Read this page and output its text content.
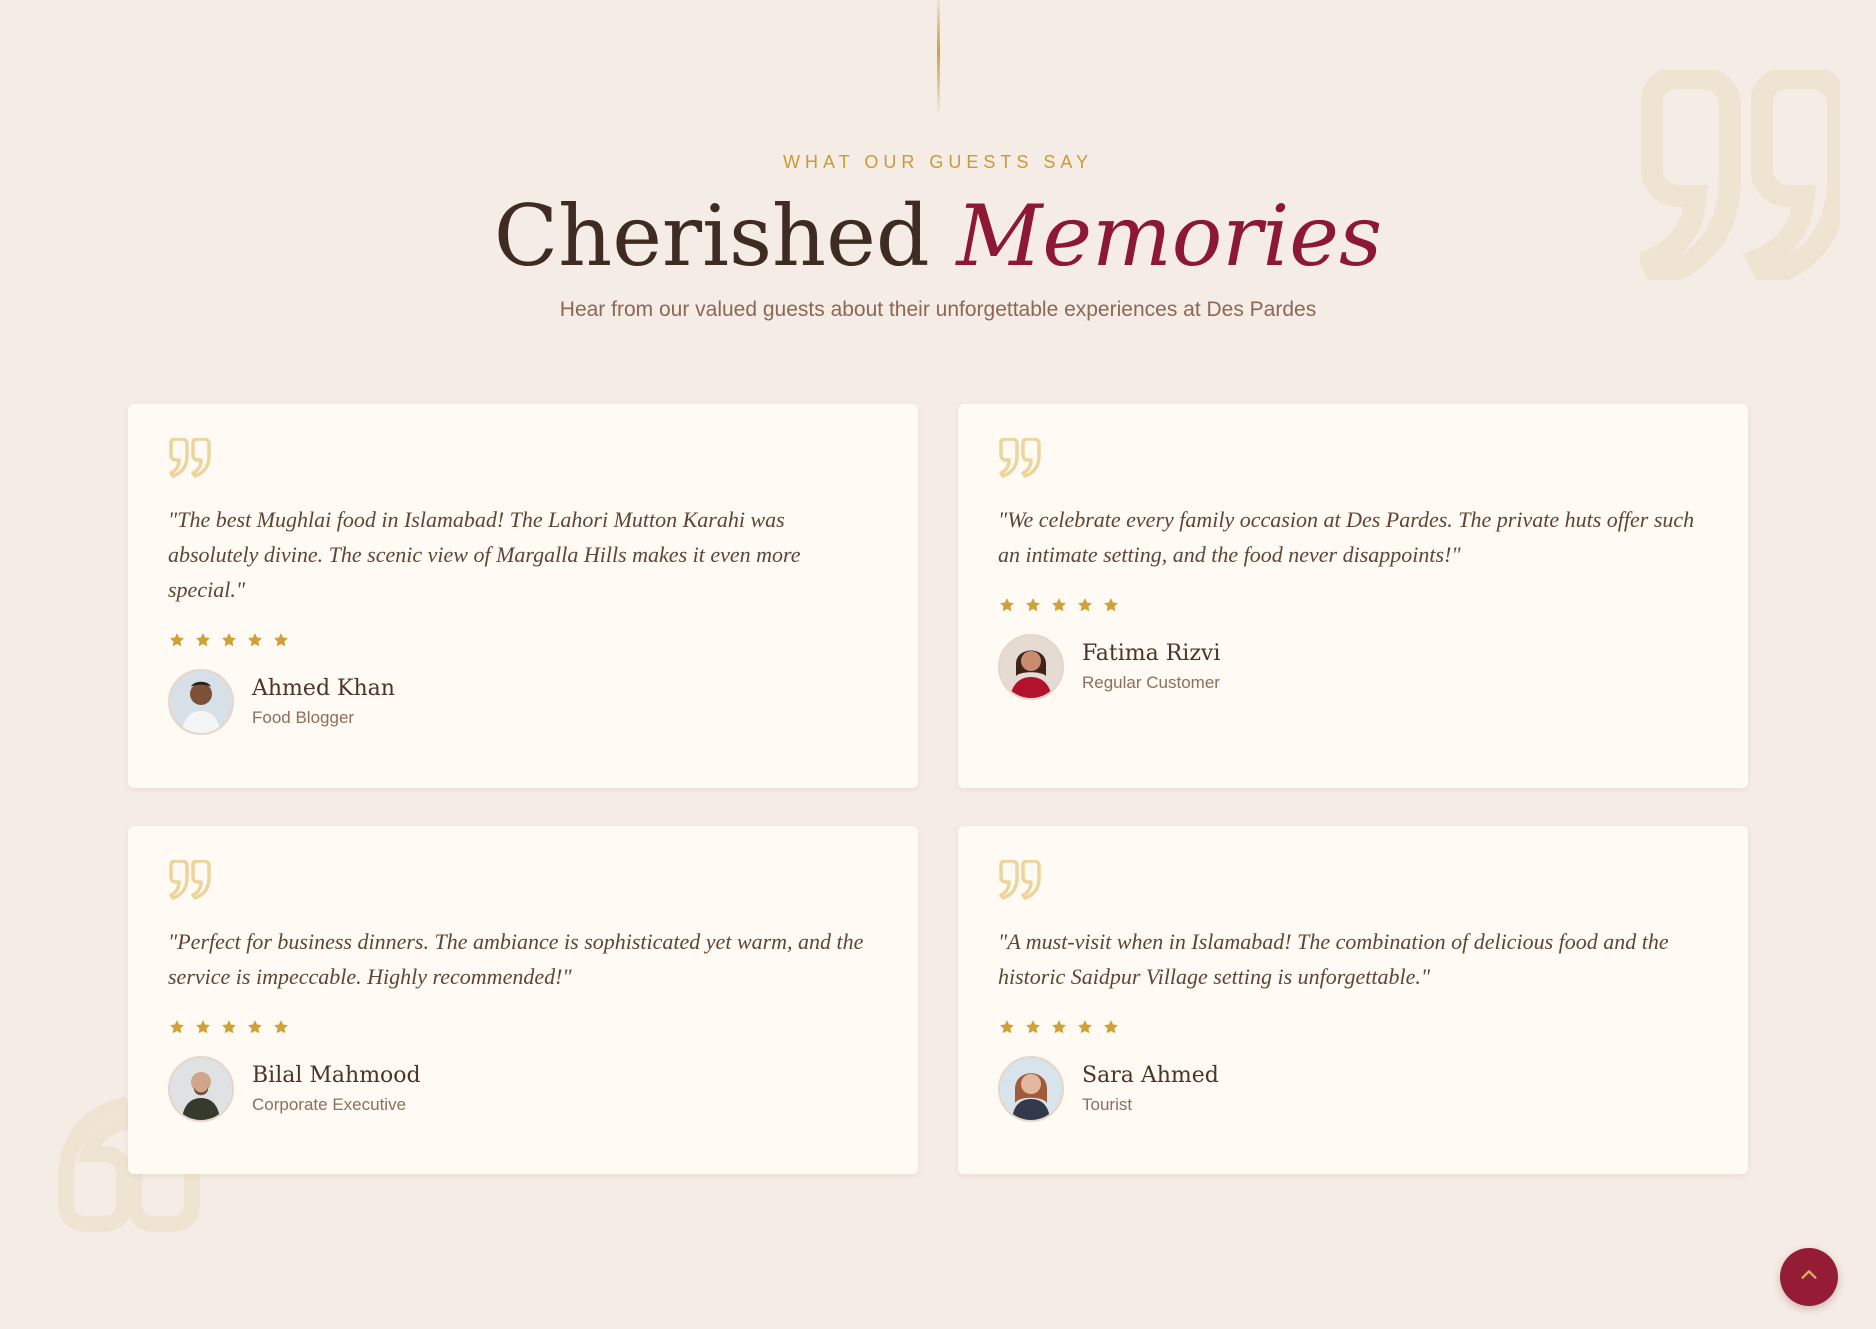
WHAT OUR GUESTS SAY
Cherished Memories
Hear from our valued guests about their unforgettable experiences at Des Pardes
"The best Mughlai food in Islamabad! The Lahori Mutton Karahi was absolutely divine. The scenic view of Margalla Hills makes it even more special."
Ahmed Khan
Food Blogger
"We celebrate every family occasion at Des Pardes. The private huts offer such an intimate setting, and the food never disappoints!"
Fatima Rizvi
Regular Customer
"Perfect for business dinners. The ambiance is sophisticated yet warm, and the service is impeccable. Highly recommended!"
Bilal Mahmood
Corporate Executive
"A must-visit when in Islamabad! The combination of delicious food and the historic Saidpur Village setting is unforgettable."
Sara Ahmed
Tourist
